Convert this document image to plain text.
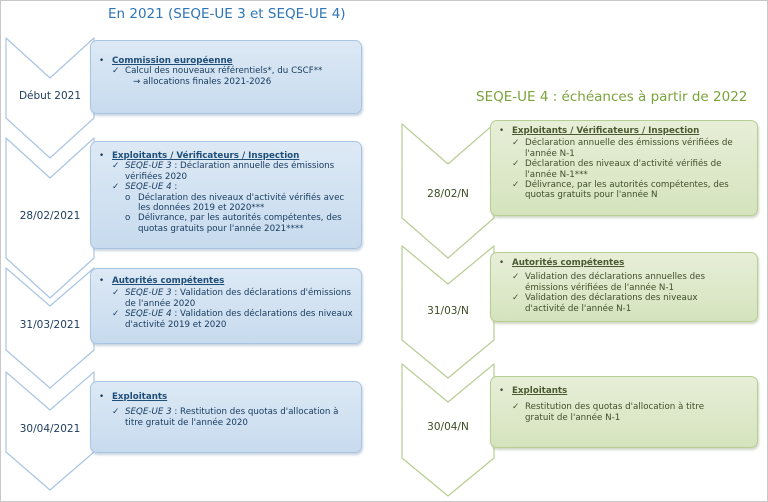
En 2021 (SEQE-UE 3 et SEQE-UE 4)
SEQE-UE 4 : échéances à partir de 2022
Début 2021
28/02/2021
31/03/2021
30/04/2021
28/02/N
31/03/N
30/04/N
• Commission européenne
✓ Calcul des nouveaux référentiels*, du CSCF**
→ allocations finales 2021-2026
• Exploitants / Vérificateurs / Inspection
✓ SEQE-UE 3 : Déclaration annuelle des émissions
vérifiées 2020
✓ SEQE-UE 4 :
o Déclaration des niveaux d'activité vérifiés avec
les données 2019 et 2020***
o Délivrance, par les autorités compétentes, des
quotas gratuits pour l'année 2021****
• Autorités compétentes
✓ SEQE-UE 3 : Validation des déclarations d'émissions
de l'année 2020
✓ SEQE-UE 4 : Validation des déclarations des niveaux
d'activité 2019 et 2020
• Exploitants
✓ SEQE-UE 3 : Restitution des quotas d'allocation à
titre gratuit de l'année 2020
• Exploitants / Vérificateurs / Inspection
✓ Déclaration annuelle des émissions vérifiées de
l'année N-1
✓ Déclaration des niveaux d'activité vérifiés de
l'année N-1***
✓ Délivrance, par les autorités compétentes, des
quotas gratuits pour l'année N
• Autorités compétentes
✓ Validation des déclarations annuelles des
émissions vérifiées de l'année N-1
✓ Validation des déclarations des niveaux
d'activité de l'année N-1
• Exploitants
✓ Restitution des quotas d'allocation à titre
gratuit de l'année N-1
